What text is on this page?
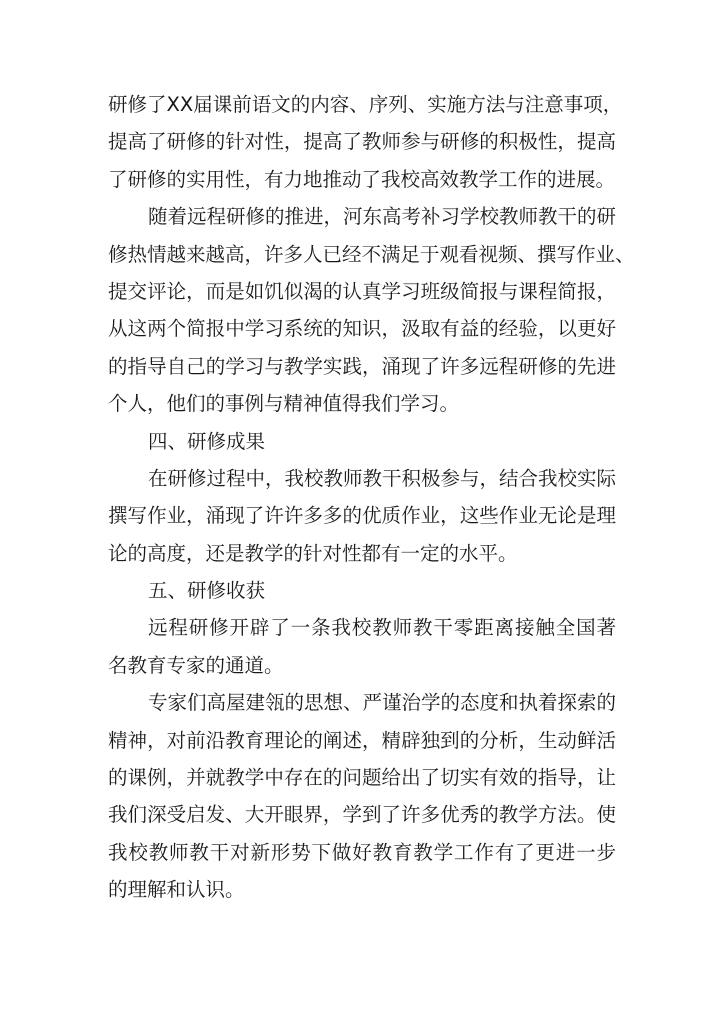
研修了XX届课前语文的内容、序列、实施方法与注意事项，
提高了研修的针对性，提高了教师参与研修的积极性，提高
了研修的实用性，有力地推动了我校高效教学工作的进展。
随着远程研修的推进，河东高考补习学校教师教干的研
修热情越来越高，许多人已经不满足于观看视频、撰写作业、
提交评论，而是如饥似渴的认真学习班级简报与课程简报，
从这两个简报中学习系统的知识，汲取有益的经验，以更好
的指导自己的学习与教学实践，涌现了许多远程研修的先进
个人，他们的事例与精神值得我们学习。
四、研修成果
在研修过程中，我校教师教干积极参与，结合我校实际
撰写作业，涌现了许许多多的优质作业，这些作业无论是理
论的高度，还是教学的针对性都有一定的水平。
五、研修收获
远程研修开辟了一条我校教师教干零距离接触全国著
名教育专家的通道。
专家们高屋建瓴的思想、严谨治学的态度和执着探索的
精神，对前沿教育理论的阐述，精辟独到的分析，生动鲜活
的课例，并就教学中存在的问题给出了切实有效的指导，让
我们深受启发、大开眼界，学到了许多优秀的教学方法。使
我校教师教干对新形势下做好教育教学工作有了更进一步
的理解和认识。
